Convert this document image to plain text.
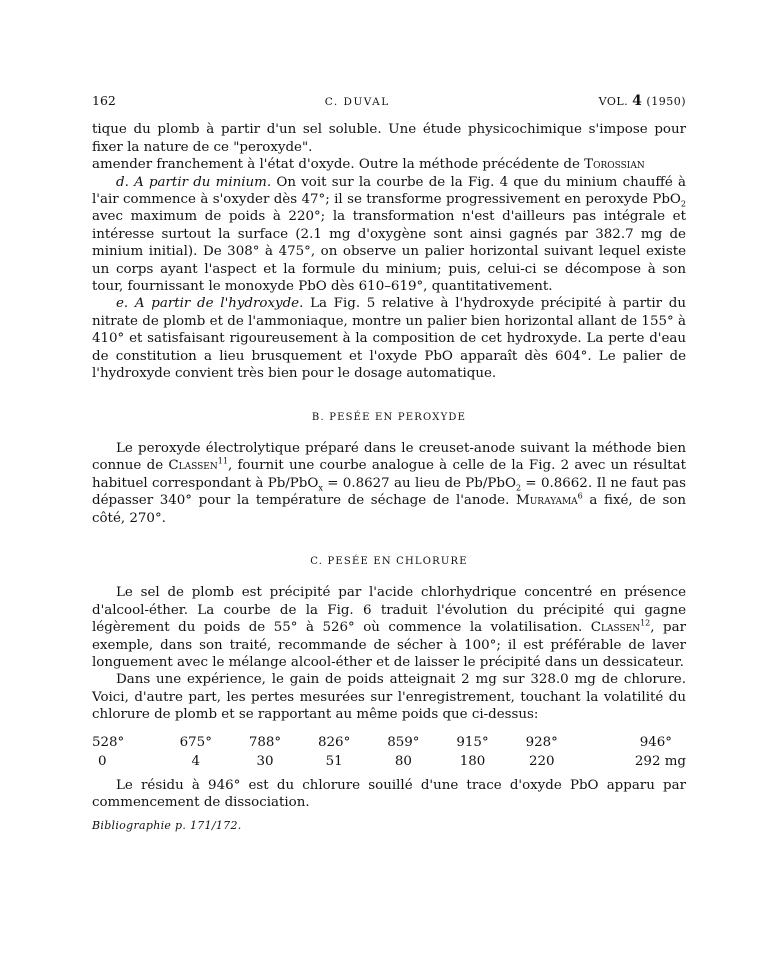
162	C. DUVAL	VOL. 4 (1950)

tique du plomb à partir d'un sel soluble. Une étude physicochimique s'impose pour fixer la nature de ce "peroxyde".

amender franchement à l'état d'oxyde. Outre la méthode précédente de Torossian

d. A partir du minium. On voit sur la courbe de la Fig. 4 que du minium chauffé à l'air commence à s'oxyder dès 47°; il se transforme progressivement en peroxyde PbO$_2$ avec maximum de poids à 220°; la transformation n'est d'ailleurs pas intégrale et intéresse surtout la surface (2.1 mg d'oxygène sont ainsi gagnés par 382.7 mg de minium initial). De 308° à 475°, on observe un palier horizontal suivant lequel existe un corps ayant l'aspect et la formule du minium; puis, celui-ci se décompose à son tour, fournissant le monoxyde PbO dès 610–619°, quantitativement.

e. A partir de l'hydroxyde. La Fig. 5 relative à l'hydroxyde précipité à partir du nitrate de plomb et de l'ammoniaque, montre un palier bien horizontal allant de 155° à 410° et satisfaisant rigoureusement à la composition de cet hydroxyde. La perte d'eau de constitution a lieu brusquement et l'oxyde PbO apparaît dès 604°. Le palier de l'hydroxyde convient très bien pour le dosage automatique.

B. PESÉE EN PEROXYDE

Le peroxyde électrolytique préparé dans le creuset-anode suivant la méthode bien connue de Classen$^{11}$, fournit une courbe analogue à celle de la Fig. 2 avec un résultat habituel correspondant à Pb/PbO$_x$ = 0.8627 au lieu de Pb/PbO$_2$ = 0.8662. Il ne faut pas dépasser 340° pour la température de séchage de l'anode. Murayama$^6$ a fixé, de son côté, 270°.

C. PESÉE EN CHLORURE

Le sel de plomb est précipité par l'acide chlorhydrique concentré en présence d'alcool-éther. La courbe de la Fig. 6 traduit l'évolution du précipité qui gagne légèrement du poids de 55° à 526° où commence la volatilisation. Classen$^{12}$, par exemple, dans son traité, recommande de sécher à 100°; il est préférable de laver longuement avec le mélange alcool-éther et de laisser le précipité dans un dessicateur.

Dans une expérience, le gain de poids atteignait 2 mg sur 328.0 mg de chlorure. Voici, d'autre part, les pertes mesurées sur l'enregistrement, touchant la volatilité du chlorure de plomb et se rapportant au même poids que ci-dessus:

528°	675°	788°	826°	859°	915°	928°	946°
0	4	30	51	80	180	220	292 mg

Le résidu à 946° est du chlorure souillé d'une trace d'oxyde PbO apparu par commencement de dissociation.

Bibliographie p. 171/172.
